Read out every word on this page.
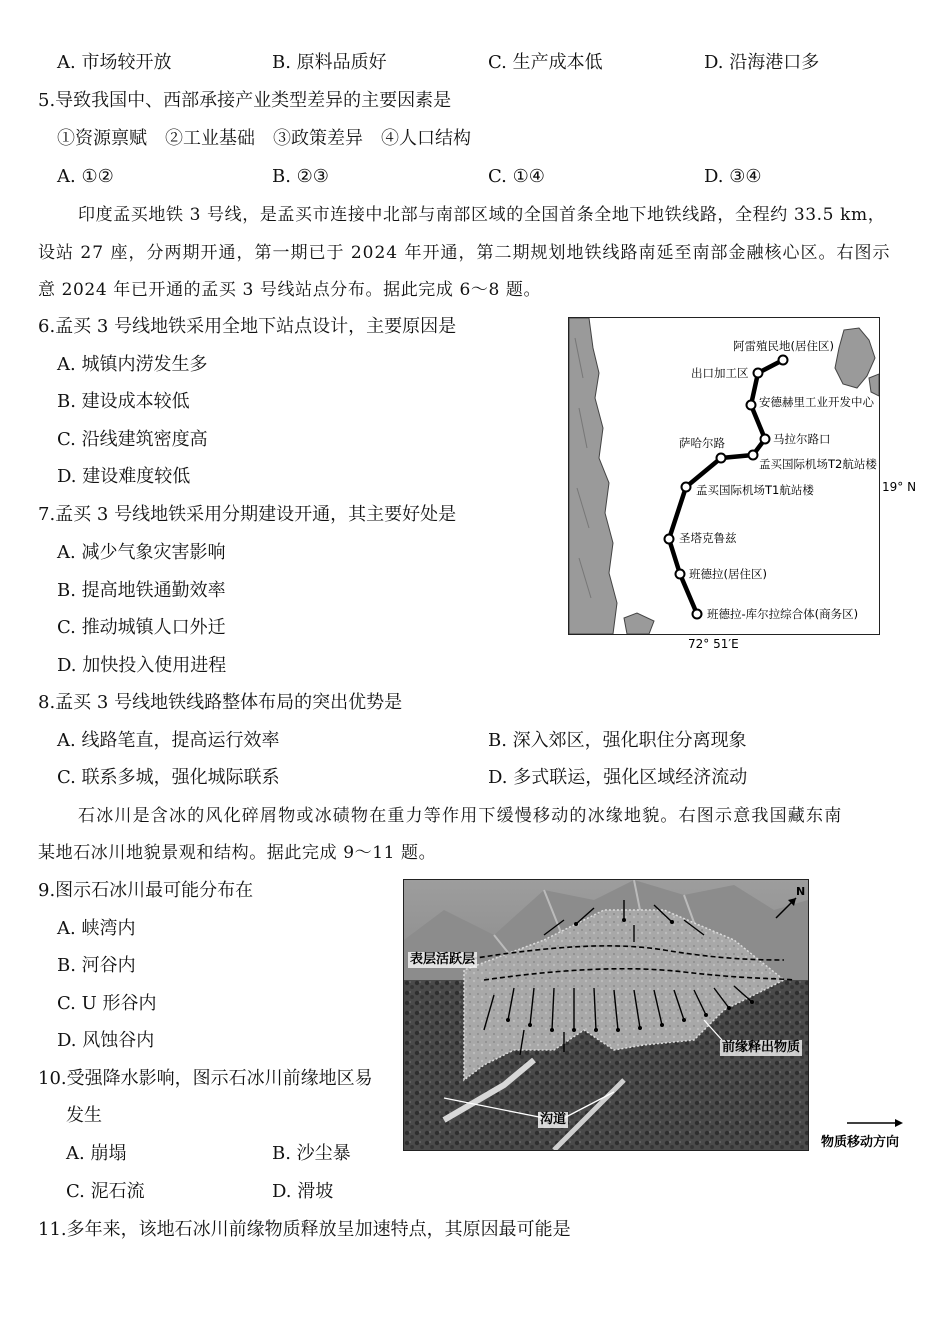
A. 市场较开放	B. 原料品质好	C. 生产成本低	D. 沿海港口多
5.导致我国中、西部承接产业类型差异的主要因素是
①资源禀赋　②工业基础　③政策差异　④人口结构
A. ①②	B. ②③	C. ①④	D. ③④
印度孟买地铁 3 号线，是孟买市连接中北部与南部区域的全国首条全地下地铁线路，全程约 33.5 km，
设站 27 座，分两期开通，第一期已于 2024 年开通，第二期规划地铁线路南延至南部金融核心区。右图示
意 2024 年已开通的孟买 3 号线站点分布。据此完成 6～8 题。
6.孟买 3 号线地铁采用全地下站点设计，主要原因是
A. 城镇内涝发生多
B. 建设成本较低
C. 沿线建筑密度高
D. 建设难度较低
7.孟买 3 号线地铁采用分期建设开通，其主要好处是
A. 减少气象灾害影响
B. 提高地铁通勤效率
C. 推动城镇人口外迁
D. 加快投入使用进程
8.孟买 3 号线地铁线路整体布局的突出优势是
A. 线路笔直，提高运行效率	B. 深入郊区，强化职住分离现象
C. 联系多城，强化城际联系	D. 多式联运，强化区域经济流动
石冰川是含冰的风化碎屑物或冰碛物在重力等作用下缓慢移动的冰缘地貌。右图示意我国藏东南
某地石冰川地貌景观和结构。据此完成 9～11 题。
9.图示石冰川最可能分布在
A. 峡湾内
B. 河谷内
C. U 形谷内
D. 风蚀谷内
10.受强降水影响，图示石冰川前缘地区易
发生
A. 崩塌	B. 沙尘暴
C. 泥石流	D. 滑坡
11.多年来，该地石冰川前缘物质释放呈加速特点，其原因最可能是
阿雷殖民地(居住区)
出口加工区
安德赫里工业开发中心
马拉尔路口
萨哈尔路
孟买国际机场T2航站楼
孟买国际机场T1航站楼
圣塔克鲁兹
班德拉(居住区)
班德拉-库尔拉综合体(商务区)
19° N
72° 51′E
表层活跃层
前缘释出物质
沟道
N
物质移动方向
